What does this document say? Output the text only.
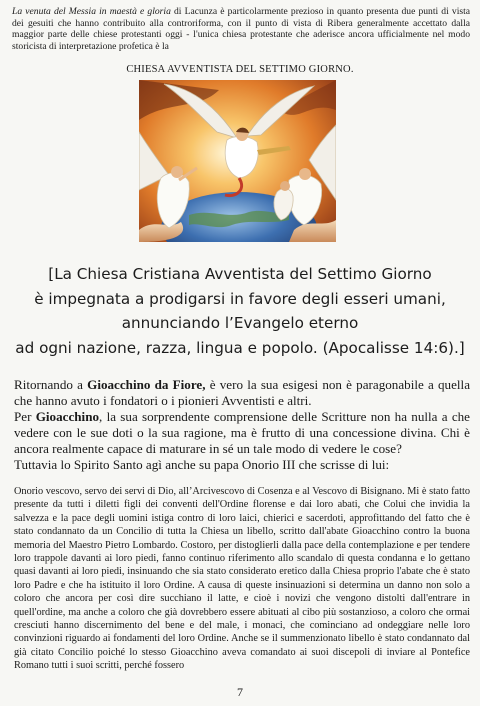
La venuta del Messia in maestà e gloria di Lacunza è particolarmente prezioso in quanto presenta due punti di vista dei gesuiti che hanno contribuito alla controriforma, con il punto di vista di Ribera generalmente accettato dalla maggior parte delle chiese protestanti oggi - l'unica chiesa protestante che aderisce ancora ufficialmente nel modo storicista di interpretazione profetica è la
CHIESA AVVENTISTA DEL SETTIMO GIORNO.
[La Chiesa Cristiana Avventista del Settimo Giorno
è impegnata a prodigarsi in favore degli esseri umani,
annunciando l’Evangelo eterno
ad ogni nazione, razza, lingua e popolo. (Apocalisse 14:6).]

Ritornando a Gioacchino da Fiore, è vero la sua esigesi non è paragonabile a quella che hanno avuto i fondatori o i pionieri Avventisti e altri.

Per Gioacchino, la sua sorprendente comprensione delle Scritture non ha nulla a che vedere con le sue doti o la sua ragione, ma è frutto di una concessione divina. Chi è ancora realmente capace di maturare in sé un tale modo di vedere le cose?

Tuttavia lo Spirito Santo agì anche su papa Onorio III che scrisse di lui:

Onorio vescovo, servo dei servi di Dio, all’Arcivescovo di Cosenza e al Vescovo di Bisignano. Mi è stato fatto presente da tutti i diletti figli dei conventi dell'Ordine florense e dai loro abati, che Colui che invidia la salvezza e la pace degli uomini istiga contro di loro laici, chierici e sacerdoti, approfittando del fatto che è stato condannato da un Concilio di tutta la Chiesa un libello, scritto dall'abate Gioacchino contro la buona memoria del Maestro Pietro Lombardo. Costoro, per distoglierli dalla pace della contemplazione e per tendere loro trappole davanti ai loro piedi, fanno continuo riferimento allo scandalo di questa condanna e lo gettano quasi davanti ai loro piedi, insinuando che sia stato considerato eretico dalla Chiesa proprio l'abate che è stato loro Padre e che ha istituito il loro Ordine. A causa di queste insinuazioni si determina un danno non solo a coloro che ancora per così dire succhiano il latte, e cioè i novizi che vengono distolti dall'entrare in quell'ordine, ma anche a coloro che già dovrebbero essere abituati al cibo più sostanzioso, a coloro che ormai cresciuti hanno discernimento del bene e del male, i monaci, che cominciano ad ondeggiare nelle loro convinzioni riguardo ai fondamenti del loro Ordine. Anche se il summenzionato libello è stato condannato dal già citato Concilio poiché lo stesso Gioacchino aveva comandato ai suoi discepoli di inviare al Pontefice Romano tutti i suoi scritti, perché fossero
7
